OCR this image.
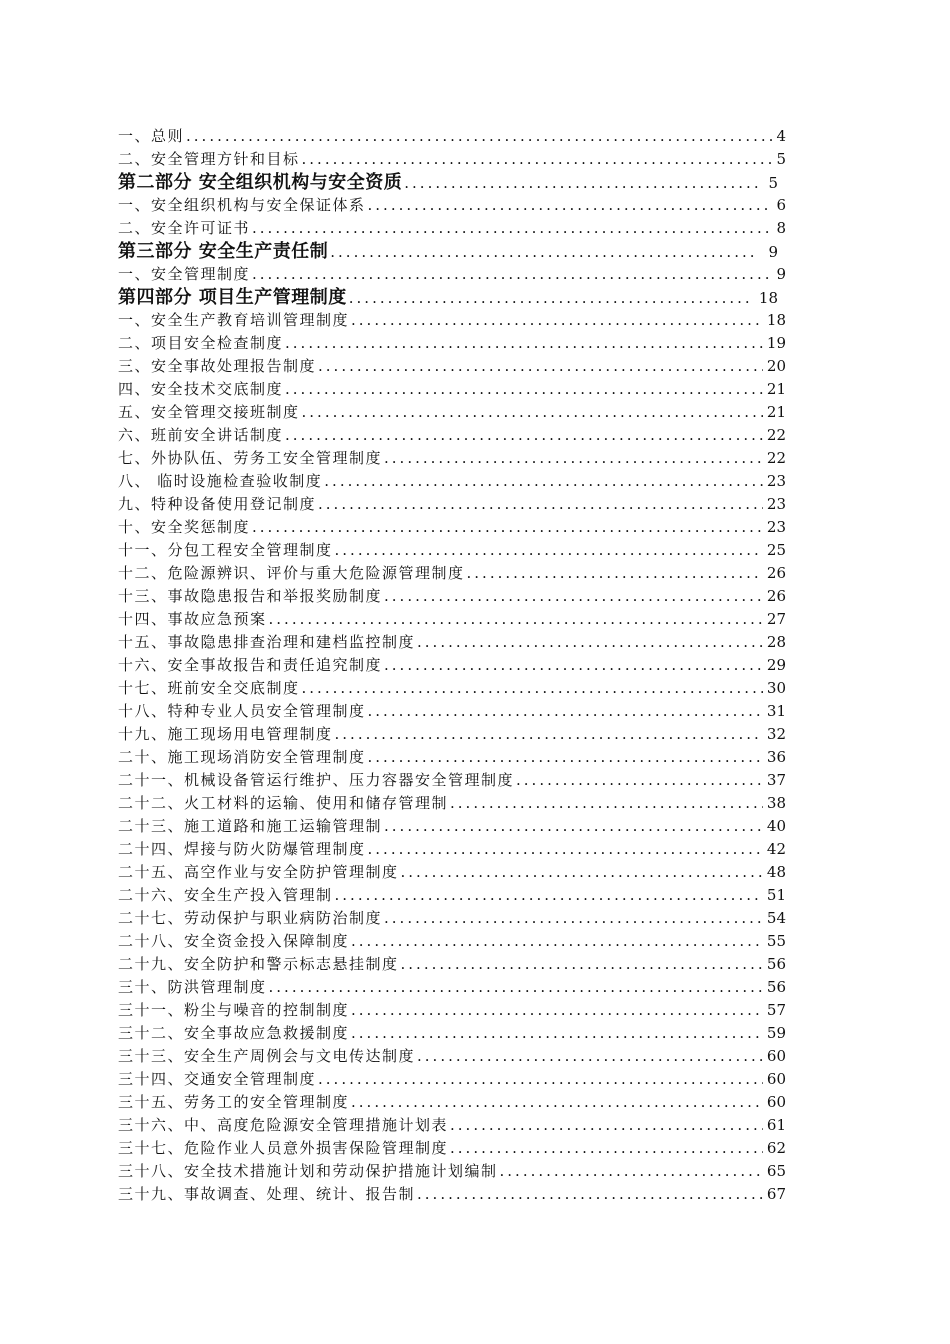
一、总则 .....	4
二、安全管理方针和目标 .....	5
第二部分 安全组织机构与安全资质 .....	5
一、安全组织机构与安全保证体系 .....	6
二、安全许可证书 .....	8
第三部分 安全生产责任制 .....	9
一、安全管理制度 .....	9
第四部分 项目生产管理制度 .....	18
一、安全生产教育培训管理制度 .....	18
二、项目安全检查制度 .....	19
三、安全事故处理报告制度 .....	20
四、安全技术交底制度 .....	21
五、安全管理交接班制度 .....	21
六、班前安全讲话制度 .....	22
七、外协队伍、劳务工安全管理制度 .....	22
八、 临时设施检查验收制度 .....	23
九、特种设备使用登记制度 .....	23
十、安全奖惩制度 .....	23
十一、分包工程安全管理制度 .....	25
十二、危险源辨识、评价与重大危险源管理制度 .....	26
十三、事故隐患报告和举报奖励制度 .....	26
十四、事故应急预案 .....	27
十五、事故隐患排查治理和建档监控制度 .....	28
十六、安全事故报告和责任追究制度 .....	29
十七、班前安全交底制度 .....	30
十八、特种专业人员安全管理制度 .....	31
十九、施工现场用电管理制度 .....	32
二十、施工现场消防安全管理制度 .....	36
二十一、机械设备管运行维护、压力容器安全管理制度 .....	37
二十二、火工材料的运输、使用和储存管理制 .....	38
二十三、施工道路和施工运输管理制 .....	40
二十四、焊接与防火防爆管理制度 .....	42
二十五、高空作业与安全防护管理制度 .....	48
二十六、安全生产投入管理制 .....	51
二十七、劳动保护与职业病防治制度 .....	54
二十八、安全资金投入保障制度 .....	55
二十九、安全防护和警示标志悬挂制度 .....	56
三十、防洪管理制度 .....	56
三十一、粉尘与噪音的控制制度 .....	57
三十二、安全事故应急救援制度 .....	59
三十三、安全生产周例会与文电传达制度 .....	60
三十四、交通安全管理制度 .....	60
三十五、劳务工的安全管理制度 .....	60
三十六、中、高度危险源安全管理措施计划表 .....	61
三十七、危险作业人员意外损害保险管理制度 .....	62
三十八、安全技术措施计划和劳动保护措施计划编制 .....	65
三十九、事故调查、处理、统计、报告制 .....	67
